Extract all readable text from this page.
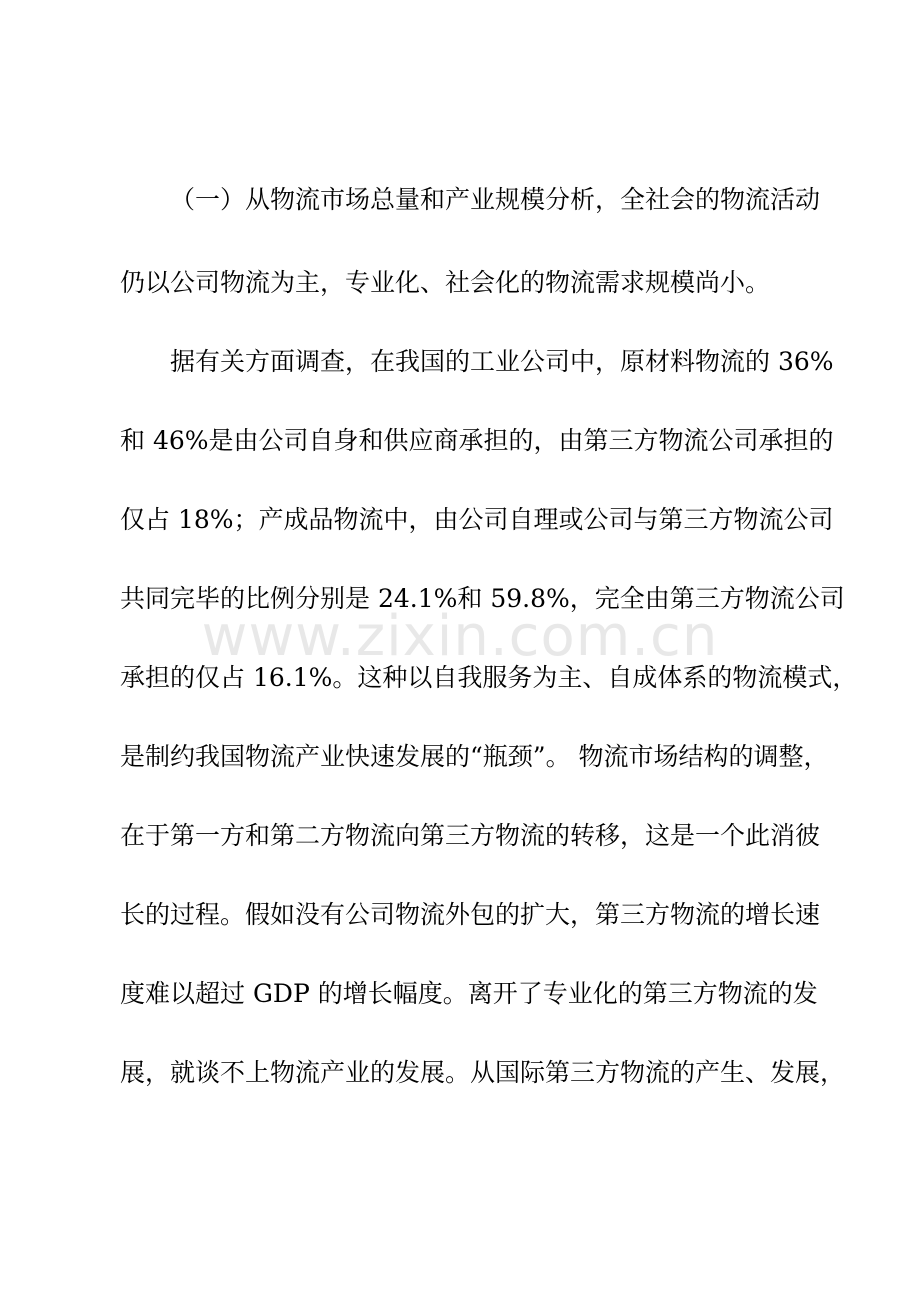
www.zixin.com.cn
（一）从物流市场总量和产业规模分析，全社会的物流活动
仍以公司物流为主，专业化、社会化的物流需求规模尚小。
据有关方面调查，在我国的工业公司中，原材料物流的 36%
和 46%是由公司自身和供应商承担的，由第三方物流公司承担的
仅占 18%；产成品物流中，由公司自理或公司与第三方物流公司
共同完毕的比例分别是 24.1%和 59.8%，完全由第三方物流公司
承担的仅占 16.1%。这种以自我服务为主、自成体系的物流模式，
是制约我国物流产业快速发展的“瓶颈”。 物流市场结构的调整，
在于第一方和第二方物流向第三方物流的转移，这是一个此消彼
长的过程。假如没有公司物流外包的扩大，第三方物流的增长速
度难以超过 GDP 的增长幅度。离开了专业化的第三方物流的发
展，就谈不上物流产业的发展。从国际第三方物流的产生、发展，
